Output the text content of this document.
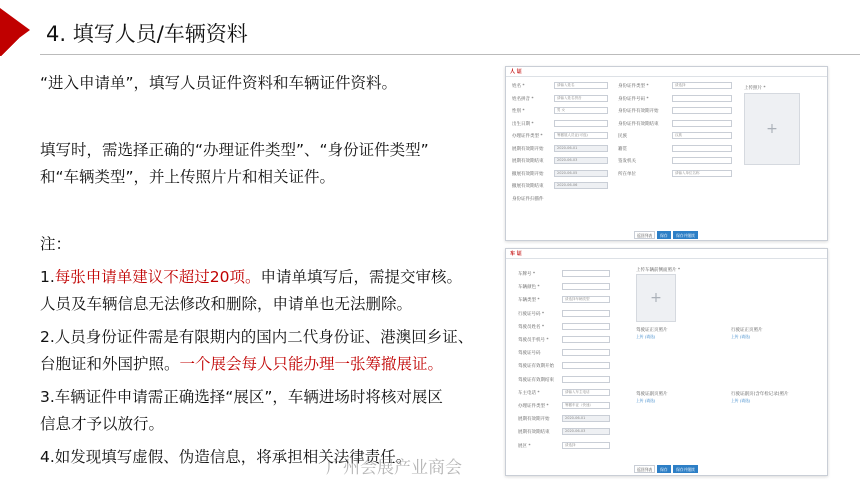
4. 填写人员/车辆资料

“进入申请单”，填写人员证件资料和车辆证件资料。

填写时，需选择正确的“办理证件类型”、“身份证件类型”

和“车辆类型”，并上传照片片和相关证件。

注：

1.每张申请单建议不超过20项。申请单填写后，需提交审核。

人员及车辆信息无法修改和删除，申请单也无法删除。

2.人员身份证件需是有限期内的国内二代身份证、港澳回乡证、

台胞证和外国护照。一个展会每人只能办理一张筹撤展证。

3.车辆证件申请需正确选择“展区”，车辆进场时将核对展区

信息才予以放行。

4.如发现填写虚假、伪造信息，将承担相关法律责任。

人 证
姓名 *	请输入姓名
姓名拼音 *	请输入姓名拼音
性别 *	男 女
出生日期 *
办理证件类型 *	筹撤展人员证(可选)
展期有效期开始	2020-06-01
展期有效期结束	2020-06-03
撤展有效期开始	2020-06-05
撤展有效期结束	2020-06-06
身份证件扫描件
身份证件类型 *	请选择
身份证件号码 *
身份证件有效期开始
身份证件有效期结束
民族	汉族
籍贯
签发机关
所在单位	请输入单位名称
+
上传照片 *
返回列表	保存	保存并继续
车 证
车牌号 *
车辆颜色 *
车辆类型 *	请选择车辆类型
行驶证号码 *
驾驶员姓名 *
驾驶员手机号 *
驾驶证号码
驾驶证有效期开始
驾驶证有效期结束
车主电话 *	请输入车主电话
办理证件类型 *	筹撤车证（快速）
展期有效期开始	2020-06-01
展期有效期结束	2020-06-03
展区 *	请选择
上传车辆前侧面照片 *
+
驾驶证正页照片
上传 (请选)
行驶证正页照片
上传 (请选)
驾驶证副页照片
上传 (请选)
行驶证副页(含年检记录)照片
上传 (请选)
返回列表	保存	保存并继续
广州会展产业商会
